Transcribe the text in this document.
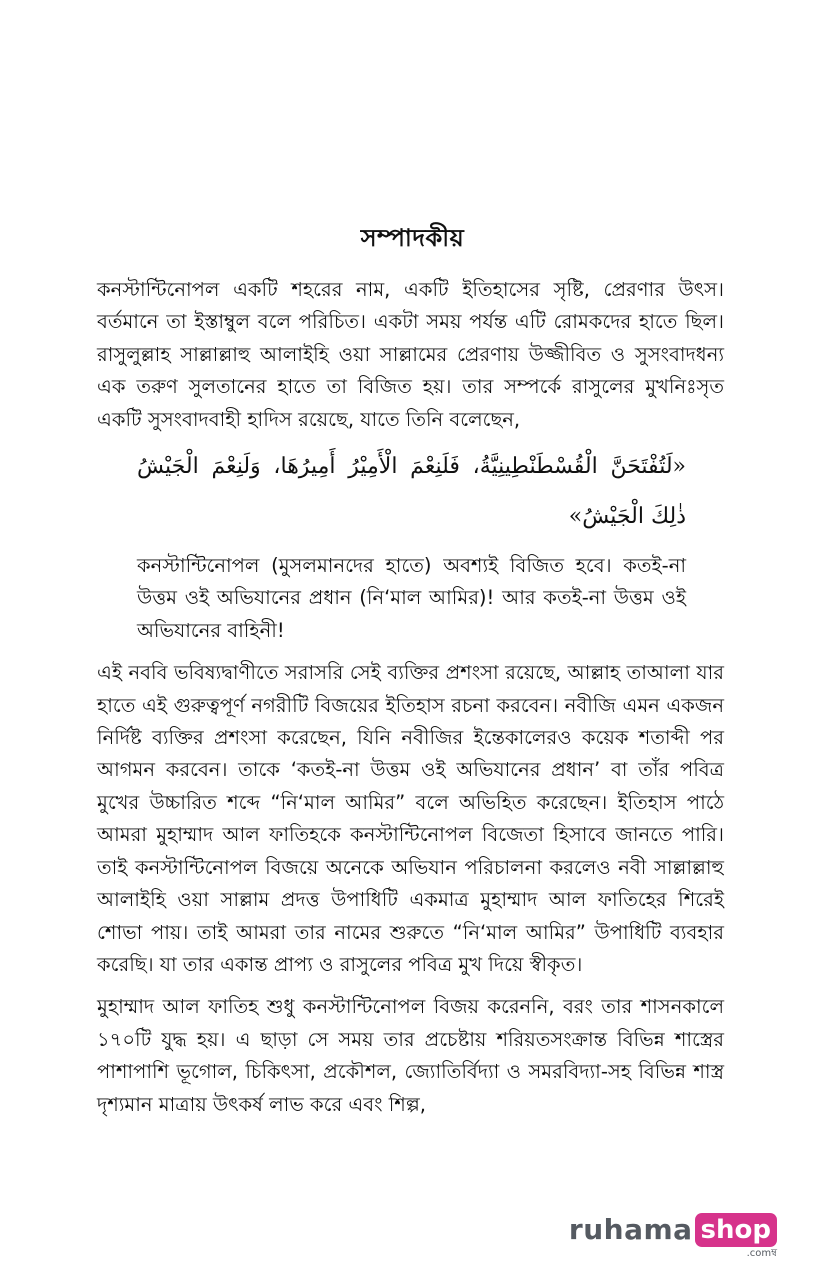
সম্পাদকীয়

কনস্টান্টিনোপল একটি শহরের নাম, একটি ইতিহাসের সৃষ্টি, প্রেরণার উৎস। বর্তমানে তা ইস্তাম্বুল বলে পরিচিত। একটা সময় পর্যন্ত এটি রোমকদের হাতে ছিল। রাসুলুল্লাহ সাল্লাল্লাহু আলাইহি ওয়া সাল্লামের প্রেরণায় উজ্জীবিত ও সুসংবাদধন্য এক তরুণ সুলতানের হাতে তা বিজিত হয়। তার সম্পর্কে রাসুলের মুখনিঃসৃত একটি সুসংবাদবাহী হাদিস রয়েছে, যাতে তিনি বলেছেন,

«لَتُفْتَحَنَّ الْقُسْطَنْطِينِيَّةُ، فَلَنِعْمَ الْأَمِيْرُ أَمِيرُهَا، وَلَنِعْمَ الْجَيْشُ ذٰلِكَ الْجَيْشُ»

কনস্টান্টিনোপল (মুসলমানদের হাতে) অবশ্যই বিজিত হবে। কতই-না উত্তম ওই অভিযানের প্রধান (নি‘মাল আমির)! আর কতই-না উত্তম ওই অভিযানের বাহিনী!

এই নববি ভবিষ্যদ্বাণীতে সরাসরি সেই ব্যক্তির প্রশংসা রয়েছে, আল্লাহ তাআলা যার হাতে এই গুরুত্বপূর্ণ নগরীটি বিজয়ের ইতিহাস রচনা করবেন। নবীজি এমন একজন নির্দিষ্ট ব্যক্তির প্রশংসা করেছেন, যিনি নবীজির ইন্তেকালেরও কয়েক শতাব্দী পর আগমন করবেন। তাকে ‘কতই-না উত্তম ওই অভিযানের প্রধান’ বা তাঁর পবিত্র মুখের উচ্চারিত শব্দে “নি‘মাল আমির” বলে অভিহিত করেছেন। ইতিহাস পাঠে আমরা মুহাম্মাদ আল ফাতিহকে কনস্টান্টিনোপল বিজেতা হিসাবে জানতে পারি। তাই কনস্টান্টিনোপল বিজয়ে অনেকে অভিযান পরিচালনা করলেও নবী সাল্লাল্লাহু আলাইহি ওয়া সাল্লাম প্রদত্ত উপাধিটি একমাত্র মুহাম্মাদ আল ফাতিহের শিরেই শোভা পায়। তাই আমরা তার নামের শুরুতে “নি‘মাল আমির” উপাধিটি ব্যবহার করেছি। যা তার একান্ত প্রাপ্য ও রাসুলের পবিত্র মুখ দিয়ে স্বীকৃত।

মুহাম্মাদ আল ফাতিহ শুধু কনস্টান্টিনোপল বিজয় করেননি, বরং তার শাসনকালে ১৭০টি যুদ্ধ হয়। এ ছাড়া সে সময় তার প্রচেষ্টায় শরিয়তসংক্রান্ত বিভিন্ন শাস্ত্রের পাশাপাশি ভূগোল, চিকিৎসা, প্রকৌশল, জ্যোতির্বিদ্যা ও সমরবিদ্যা-সহ বিভিন্ন শাস্ত্র দৃশ্যমান মাত্রায় উৎকর্ষ লাভ করে এবং শিল্প,

ruhama shop
.comম্ব
